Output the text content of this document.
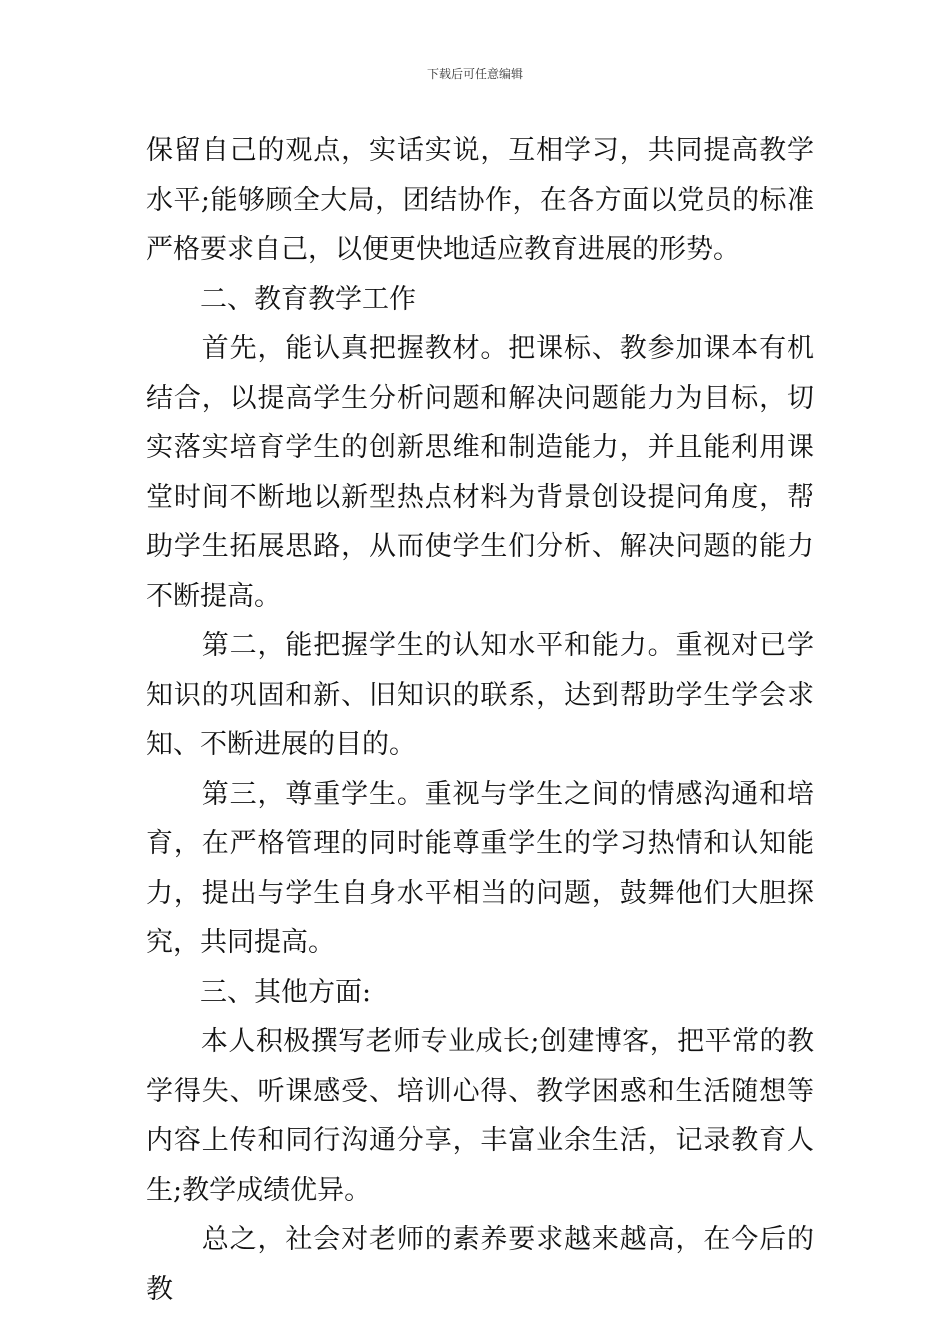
下载后可任意编辑

保留自己的观点，实话实说，互相学习，共同提高教学水平;能够顾全大局，团结协作，在各方面以党员的标准严格要求自己，以便更快地适应教育进展的形势。

　　二、教育教学工作

　　首先，能认真把握教材。把课标、教参加课本有机结合，以提高学生分析问题和解决问题能力为目标，切实落实培育学生的创新思维和制造能力，并且能利用课堂时间不断地以新型热点材料为背景创设提问角度，帮助学生拓展思路，从而使学生们分析、解决问题的能力不断提高。

　　第二，能把握学生的认知水平和能力。重视对已学知识的巩固和新、旧知识的联系，达到帮助学生学会求知、不断进展的目的。

　　第三，尊重学生。重视与学生之间的情感沟通和培育，在严格管理的同时能尊重学生的学习热情和认知能力，提出与学生自身水平相当的问题，鼓舞他们大胆探究，共同提高。

　　三、其他方面:

　　本人积极撰写老师专业成长;创建博客，把平常的教学得失、听课感受、培训心得、教学困惑和生活随想等内容上传和同行沟通分享，丰富业余生活，记录教育人生;教学成绩优异。

　　总之，社会对老师的素养要求越来越高，在今后的教
